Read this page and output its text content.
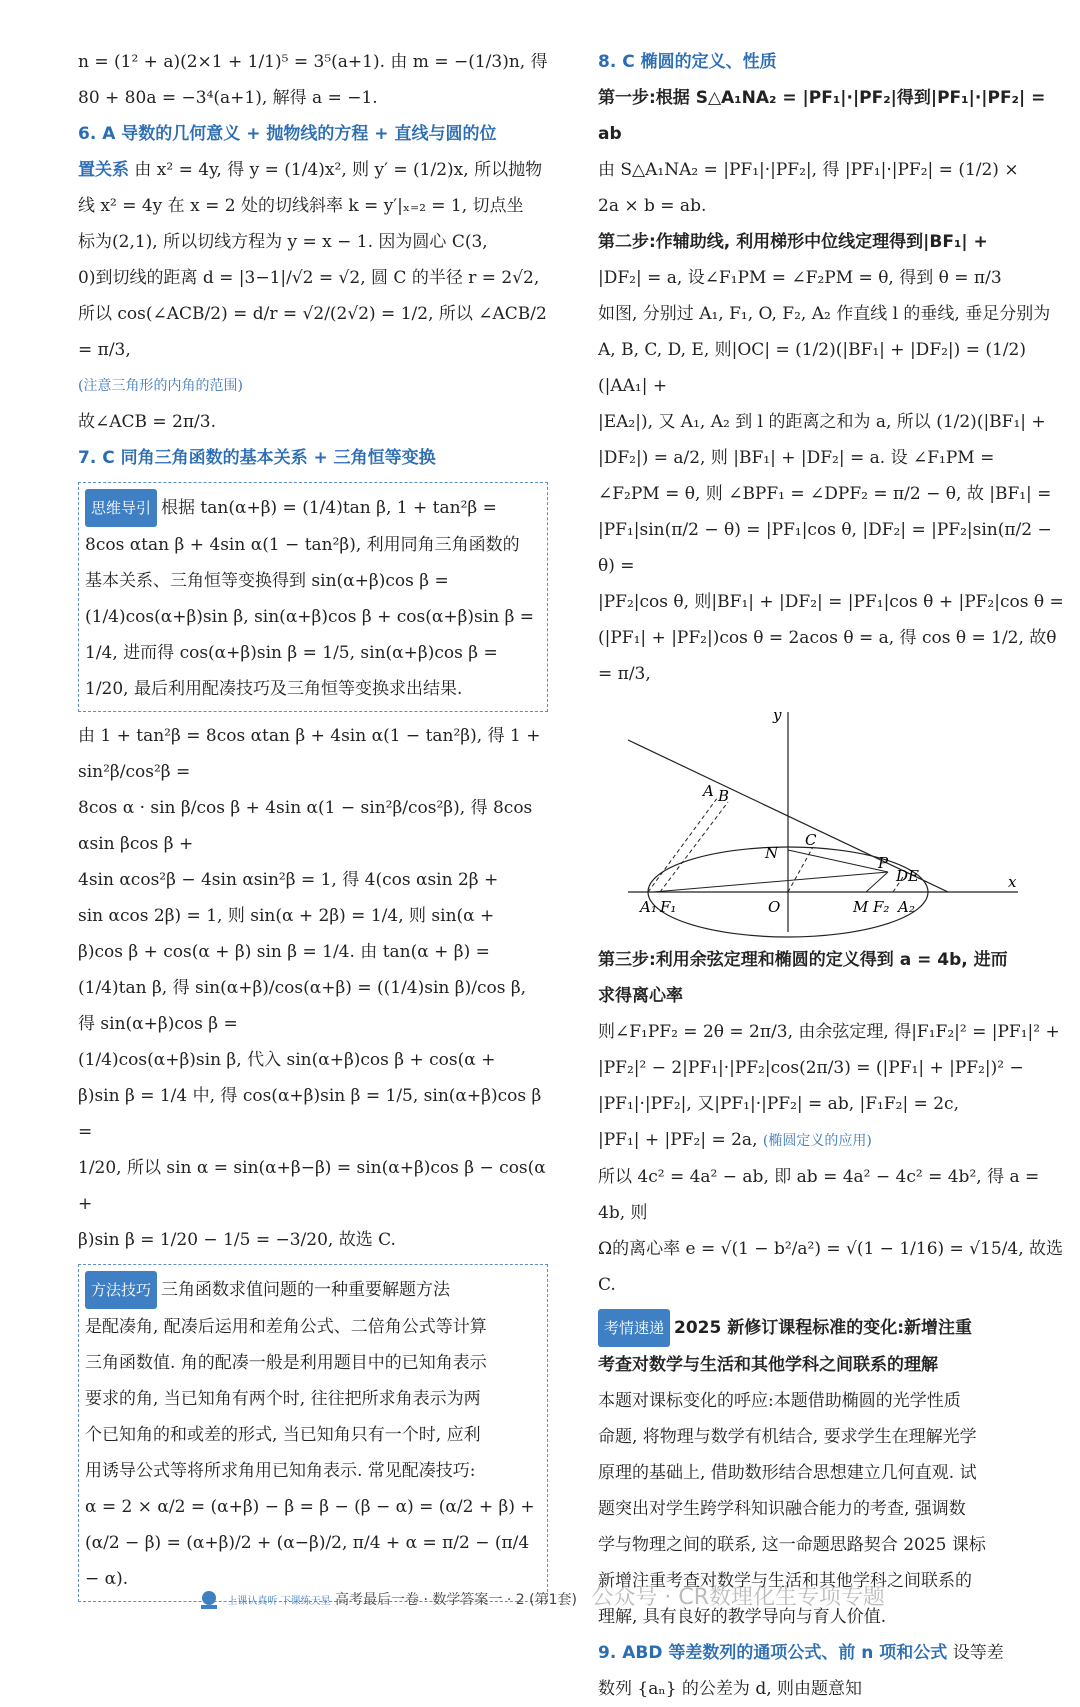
n = (1² + a)(2×1 + 1/1)⁵ = 3⁵(a+1). 由 m = −(1/3)n, 得

80 + 80a = −3⁴(a+1), 解得 a = −1.

6. A 导数的几何意义 + 抛物线的方程 + 直线与圆的位

置关系 由 x² = 4y, 得 y = (1/4)x², 则 y′ = (1/2)x, 所以抛物

线 x² = 4y 在 x = 2 处的切线斜率 k = y′|ₓ₌₂ = 1, 切点坐

标为(2,1), 所以切线方程为 y = x − 1. 因为圆心 C(3,

0)到切线的距离 d = |3−1|/√2 = √2, 圆 C 的半径 r = 2√2,

所以 cos(∠ACB/2) = d/r = √2/(2√2) = 1/2, 所以 ∠ACB/2 = π/3,

(注意三角形的内角的范围)

故∠ACB = 2π/3.

7. C 同角三角函数的基本关系 + 三角恒等变换

思维导引 根据 tan(α+β) = (1/4)tan β, 1 + tan²β =

8cos αtan β + 4sin α(1 − tan²β), 利用同角三角函数的

基本关系、三角恒等变换得到 sin(α+β)cos β =

(1/4)cos(α+β)sin β, sin(α+β)cos β + cos(α+β)sin β =

1/4, 进而得 cos(α+β)sin β = 1/5, sin(α+β)cos β =

1/20, 最后利用配凑技巧及三角恒等变换求出结果.

由 1 + tan²β = 8cos αtan β + 4sin α(1 − tan²β), 得 1 + sin²β/cos²β =

8cos α · sin β/cos β + 4sin α(1 − sin²β/cos²β), 得 8cos αsin βcos β +

4sin αcos²β − 4sin αsin²β = 1, 得 4(cos αsin 2β +

sin αcos 2β) = 1, 则 sin(α + 2β) = 1/4, 则 sin(α +

β)cos β + cos(α + β) sin β = 1/4. 由 tan(α + β) =

(1/4)tan β, 得 sin(α+β)/cos(α+β) = ((1/4)sin β)/cos β, 得 sin(α+β)cos β =

(1/4)cos(α+β)sin β, 代入 sin(α+β)cos β + cos(α +

β)sin β = 1/4 中, 得 cos(α+β)sin β = 1/5, sin(α+β)cos β =

1/20, 所以 sin α = sin(α+β−β) = sin(α+β)cos β − cos(α +

β)sin β = 1/20 − 1/5 = −3/20, 故选 C.

方法技巧 三角函数求值问题的一种重要解题方法

是配凑角, 配凑后运用和差角公式、二倍角公式等计算

三角函数值. 角的配凑一般是利用题目中的已知角表示

要求的角, 当已知角有两个时, 往往把所求角表示为两

个已知角的和或差的形式, 当已知角只有一个时, 应利

用诱导公式等将所求角用已知角表示. 常见配凑技巧:

α = 2 × α/2 = (α+β) − β = β − (β − α) = (α/2 + β) +

(α/2 − β) = (α+β)/2 + (α−β)/2, π/4 + α = π/2 − (π/4 − α).

8. C 椭圆的定义、性质

第一步:根据 S△A₁NA₂ = |PF₁|·|PF₂|得到|PF₁|·|PF₂| = ab

由 S△A₁NA₂ = |PF₁|·|PF₂|, 得 |PF₁|·|PF₂| = (1/2) ×

2a × b = ab.

第二步:作辅助线, 利用梯形中位线定理得到|BF₁| +

|DF₂| = a, 设∠F₁PM = ∠F₂PM = θ, 得到 θ = π/3

如图, 分别过 A₁, F₁, O, F₂, A₂ 作直线 l 的垂线, 垂足分别为

A, B, C, D, E, 则|OC| = (1/2)(|BF₁| + |DF₂|) = (1/2)(|AA₁| +

|EA₂|), 又 A₁, A₂ 到 l 的距离之和为 a, 所以 (1/2)(|BF₁| +

|DF₂|) = a/2, 则 |BF₁| + |DF₂| = a. 设 ∠F₁PM =

∠F₂PM = θ, 则 ∠BPF₁ = ∠DPF₂ = π/2 − θ, 故 |BF₁| =

|PF₁|sin(π/2 − θ) = |PF₁|cos θ, |DF₂| = |PF₂|sin(π/2 − θ) =

|PF₂|cos θ, 则|BF₁| + |DF₂| = |PF₁|cos θ + |PF₂|cos θ =

(|PF₁| + |PF₂|)cos θ = 2acos θ = a, 得 cos θ = 1/2, 故θ = π/3,

y
x
A B
C
N
P
D E
O	M
A₁ F₁	F₂ A₂

第三步:利用余弦定理和椭圆的定义得到 a = 4b, 进而

求得离心率

则∠F₁PF₂ = 2θ = 2π/3, 由余弦定理, 得|F₁F₂|² = |PF₁|² +

|PF₂|² − 2|PF₁|·|PF₂|cos(2π/3) = (|PF₁| + |PF₂|)² −

|PF₁|·|PF₂|, 又|PF₁|·|PF₂| = ab, |F₁F₂| = 2c,

|PF₁| + |PF₂| = 2a, (椭圆定义的应用)

所以 4c² = 4a² − ab, 即 ab = 4a² − 4c² = 4b², 得 a = 4b, 则

Ω的离心率 e = √(1 − b²/a²) = √(1 − 1/16) = √15/4, 故选 C.

考情速递 2025 新修订课程标准的变化:新增注重

考查对数学与生活和其他学科之间联系的理解

本题对课标变化的呼应:本题借助椭圆的光学性质

命题, 将物理与数学有机结合, 要求学生在理解光学

原理的基础上, 借助数形结合思想建立几何直观. 试

题突出对学生跨学科知识融合能力的考查, 强调数

学与物理之间的联系, 这一命题思路契合 2025 课标

新增注重考查对数学与生活和其他学科之间联系的

理解, 具有良好的教学导向与育人价值.

9. ABD 等差数列的通项公式、前 n 项和公式 设等差

数列 {aₙ} 的公差为 d, 则由题意知

上课认真听 下课练天星 高考最后一卷 · 数学答案一 · 2 (第1套) 公众号 · CR数理化生专项专题
